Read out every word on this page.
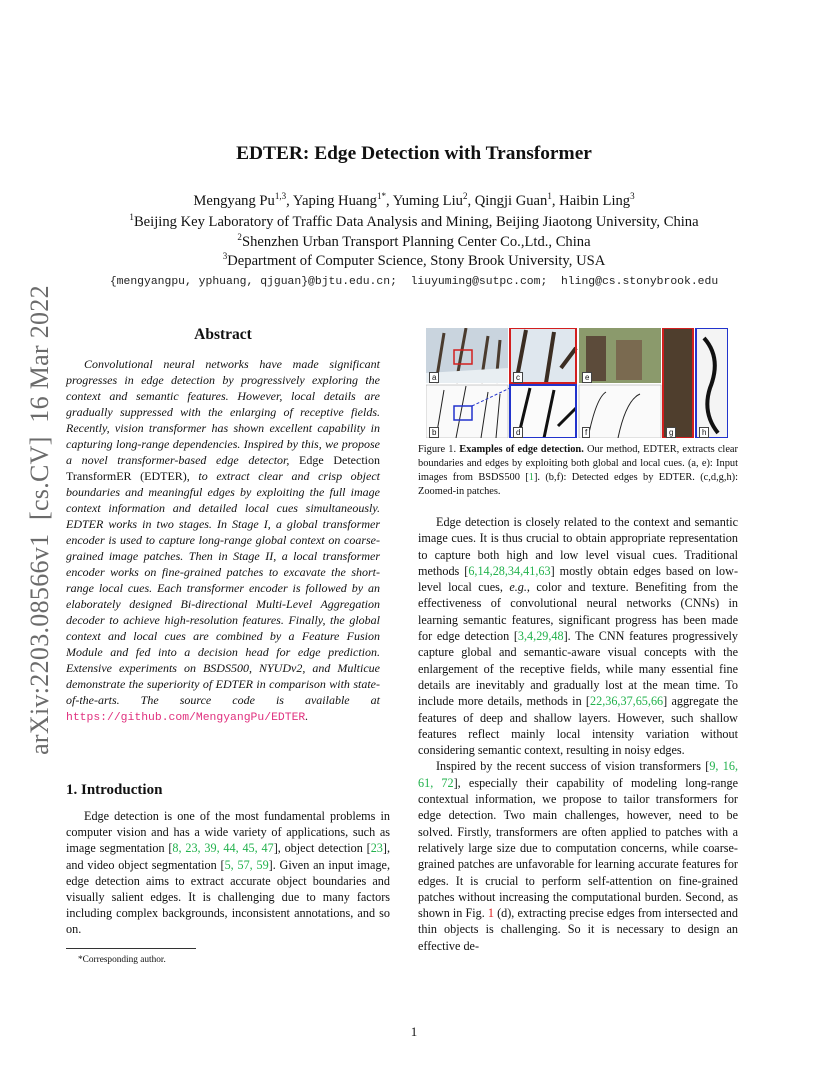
EDTER: Edge Detection with Transformer
Mengyang Pu$^{1,3}$, Yaping Huang$^{1*}$, Yuming Liu$^2$, Qingji Guan$^1$, Haibin Ling$^3$
$^1$Beijing Key Laboratory of Traffic Data Analysis and Mining, Beijing Jiaotong University, China
$^2$Shenzhen Urban Transport Planning Center Co.,Ltd., China
$^3$Department of Computer Science, Stony Brook University, USA
{mengyangpu, yphuang, qjguan}@bjtu.edu.cn;  liuyuming@sutpc.com;  hling@cs.stonybrook.edu
arXiv:2203.08566v1  [cs.CV]  16 Mar 2022	Abstract
Convolutional neural networks have made significant progresses in edge detection by progressively exploring the context and semantic features. However, local details are gradually suppressed with the enlarging of receptive fields. Recently, vision transformer has shown excellent capability in capturing long-range dependencies. Inspired by this, we propose a novel transformer-based edge detector, Edge Detection TransformER (EDTER), to extract clear and crisp object boundaries and meaningful edges by exploiting the full image context information and detailed local cues simultaneously. EDTER works in two stages. In Stage I, a global transformer encoder is used to capture long-range global context on coarse-grained image patches. Then in Stage II, a local transformer encoder works on fine-grained patches to excavate the short-range local cues. Each transformer encoder is followed by an elaborately designed Bi-directional Multi-Level Aggregation decoder to achieve high-resolution features. Finally, the global context and local cues are combined by a Feature Fusion Module and fed into a decision head for edge prediction. Extensive experiments on BSDS500, NYUDv2, and Multicue demonstrate the superiority of EDTER in comparison with state-of-the-arts. The source code is available at https://github.com/MengyangPu/EDTER.
1. Introduction

Edge detection is one of the most fundamental problems in computer vision and has a wide variety of applications, such as image segmentation [8, 23, 39, 44, 45, 47], object detection [23], and video object segmentation [5, 57, 59]. Given an input image, edge detection aims to extract accurate object boundaries and visually salient edges. It is challenging due to many factors including complex backgrounds, inconsistent annotations, and so on.

*Corresponding author.
a	c	e
b	d	f	g	h
Figure 1. Examples of edge detection. Our method, EDTER, extracts clear boundaries and edges by exploiting both global and local cues. (a, e): Input images from BSDS500 [1]. (b,f): Detected edges by EDTER. (c,d,g,h): Zoomed-in patches.

Edge detection is closely related to the context and semantic image cues. It is thus crucial to obtain appropriate representation to capture both high and low level visual cues. Traditional methods [6,14,28,34,41,63] mostly obtain edges based on low-level local cues, e.g., color and texture. Benefiting from the effectiveness of convolutional neural networks (CNNs) in learning semantic features, significant progress has been made for edge detection [3,4,29,48]. The CNN features progressively capture global and semantic-aware visual concepts with the enlargement of the receptive fields, while many essential fine details are inevitably and gradually lost at the mean time. To include more details, methods in [22,36,37,65,66] aggregate the features of deep and shallow layers. However, such shallow features reflect mainly local intensity variation without considering semantic context, resulting in noisy edges.

Inspired by the recent success of vision transformers [9, 16, 61, 72], especially their capability of modeling long-range contextual information, we propose to tailor transformers for edge detection. Two main challenges, however, need to be solved. Firstly, transformers are often applied to patches with a relatively large size due to computation concerns, while coarse-grained patches are unfavorable for learning accurate features for edges. It is crucial to perform self-attention on fine-grained patches without increasing the computational burden. Second, as shown in Fig. 1 (d), extracting precise edges from intersected and thin objects is challenging. So it is necessary to design an effective de-

1
